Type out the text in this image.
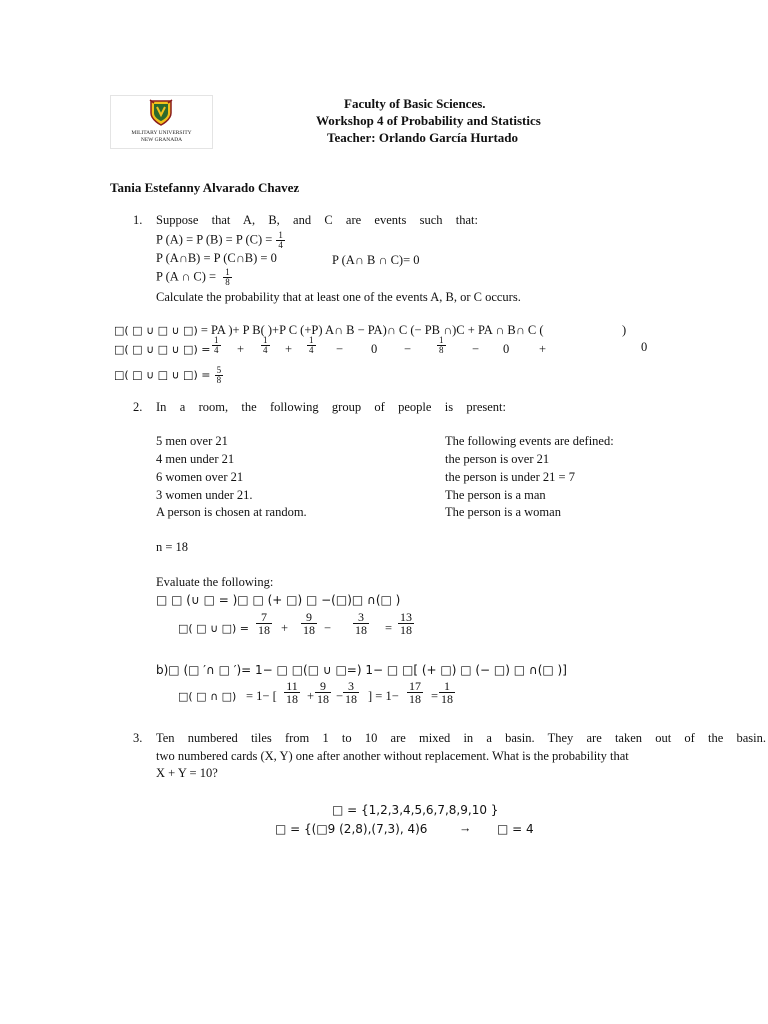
MILITARY UNIVERSITY
NEW GRANADA
Faculty of Basic Sciences.
Workshop 4 of Probability and Statistics
Teacher: Orlando García Hurtado
Tania Estefanny Alvarado Chavez
1. Suppose that A, B, and C are events such that:
P (A) = P (B) = P $(C) = \frac{1}{4}$
P (A∩B) = P (C∩B) = 0	P (A∩ B ∩ C)= 0
P (A ∩ $C) = \frac{1}{8}$
Calculate the probability that at least one of the events A, B, or C occurs.
□( □ ∪ □ ∪ □) = PA )+ P B( )+P C (+P) A∩ B − PA)∩ C (− PB ∩)C + PA ∩ B∩ C (	)
□( □ ∪ □ ∪ □) = $\frac{1}{4} + \frac{1}{4} + \frac{1}{4} - 0$ −	$\frac{1}{8} - 0$ +	0
□( □ ∪ □ ∪ □) = $\frac{5}{8}$
2. In a room, the following group of people is present:
5 men over 21
4 men under 21
6 women over 21
3 women under 21.
A person is chosen at random.
The following events are defined:
the person is over 21
the person is under 21 = 7
The person is a man
The person is a woman
n = 18
Evaluate the following:
□ □ (∪ □ = )□ □ (+ □) □ −(□)□ ∩(□ )
□( □ ∪ □) = $\frac{7}{18} + \frac{9}{18} - \frac{3}{18} = \frac{13}{18}$
b)□ (□ ′∩ □ ′)= 1− □ □(□ ∪ □=) 1− □ □[ (+ □) □ (− □) □ ∩(□ )]
□( □ ∩ □) = 1− [ $\frac{11}{18} + \frac{9}{18} - \frac{3}{18}$ ] = $1- \frac{17}{18} = \frac{1}{18}$
3. Ten numbered tiles from 1 to 10 are mixed in a basin. They are taken out of the basin.
two numbered cards (X, Y) one after another without replacement. What is the probability that
X + Y = 10?
□ = {1,2,3,4,5,6,7,8,9,10 }
□ = {(□9 (2,8),(7,3), 4)6	→ □ = 4
